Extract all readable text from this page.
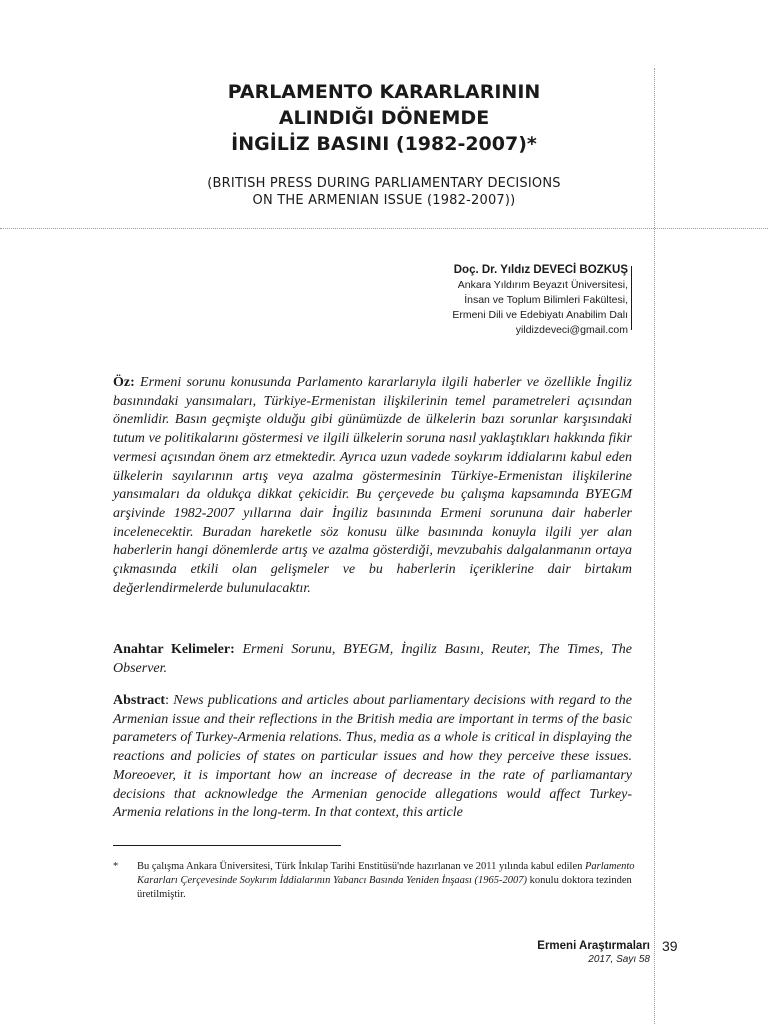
PARLAMENTO KARARLARININ
ALINDIĞI DÖNEMDE
İNGİLİZ BASINI (1982-2007)*
(BRITISH PRESS DURING PARLIAMENTARY DECISIONS
ON THE ARMENIAN ISSUE (1982-2007))
Doç. Dr. Yıldız DEVECİ BOZKUŞ
Ankara Yıldırım Beyazıt Üniversitesi,
İnsan ve Toplum Bilimleri Fakültesi,
Ermeni Dili ve Edebiyatı Anabilim Dalı
yildizdeveci@gmail.com

Öz: Ermeni sorunu konusunda Parlamento kararlarıyla ilgili haberler ve özellikle İngiliz basınındaki yansımaları, Türkiye-Ermenistan ilişkilerinin temel parametreleri açısından önemlidir. Basın geçmişte olduğu gibi günümüzde de ülkelerin bazı sorunlar karşısındaki tutum ve politikalarını göstermesi ve ilgili ülkelerin soruna nasıl yaklaştıkları hakkında fikir vermesi açısından önem arz etmektedir. Ayrıca uzun vadede soykırım iddialarını kabul eden ülkelerin sayılarının artış veya azalma göstermesinin Türkiye-Ermenistan ilişkilerine yansımaları da oldukça dikkat çekicidir. Bu çerçevede bu çalışma kapsamında BYEGM arşivinde 1982-2007 yıllarına dair İngiliz basınında Ermeni sorununa dair haberler incelenecektir. Buradan hareketle söz konusu ülke basınında konuyla ilgili yer alan haberlerin hangi dönemlerde artış ve azalma gösterdiği, mevzubahis dalgalanmanın ortaya çıkmasında etkili olan gelişmeler ve bu haberlerin içeriklerine dair birtakım değerlendirmelerde bulunulacaktır.

Anahtar Kelimeler: Ermeni Sorunu, BYEGM, İngiliz Basını, Reuter, The Times, The Observer.

Abstract: News publications and articles about parliamentary decisions with regard to the Armenian issue and their reflections in the British media are important in terms of the basic parameters of Turkey-Armenia relations. Thus, media as a whole is critical in displaying the reactions and policies of states on particular issues and how they perceive these issues. Moreoever, it is important how an increase of decrease in the rate of parliamantary decisions that acknowledge the Armenian genocide allegations would affect Turkey-Armenia relations in the long-term. In that context, this article

* Bu çalışma Ankara Üniversitesi, Türk İnkılap Tarihi Enstitüsü'nde hazırlanan ve 2011 yılında kabul edilen Parlamento Kararları Çerçevesinde Soykırım İddialarının Yabancı Basında Yeniden İnşaası (1965-2007) konulu doktora tezinden üretilmiştir.
Ermeni Araştırmaları
2017, Sayı 58
39
